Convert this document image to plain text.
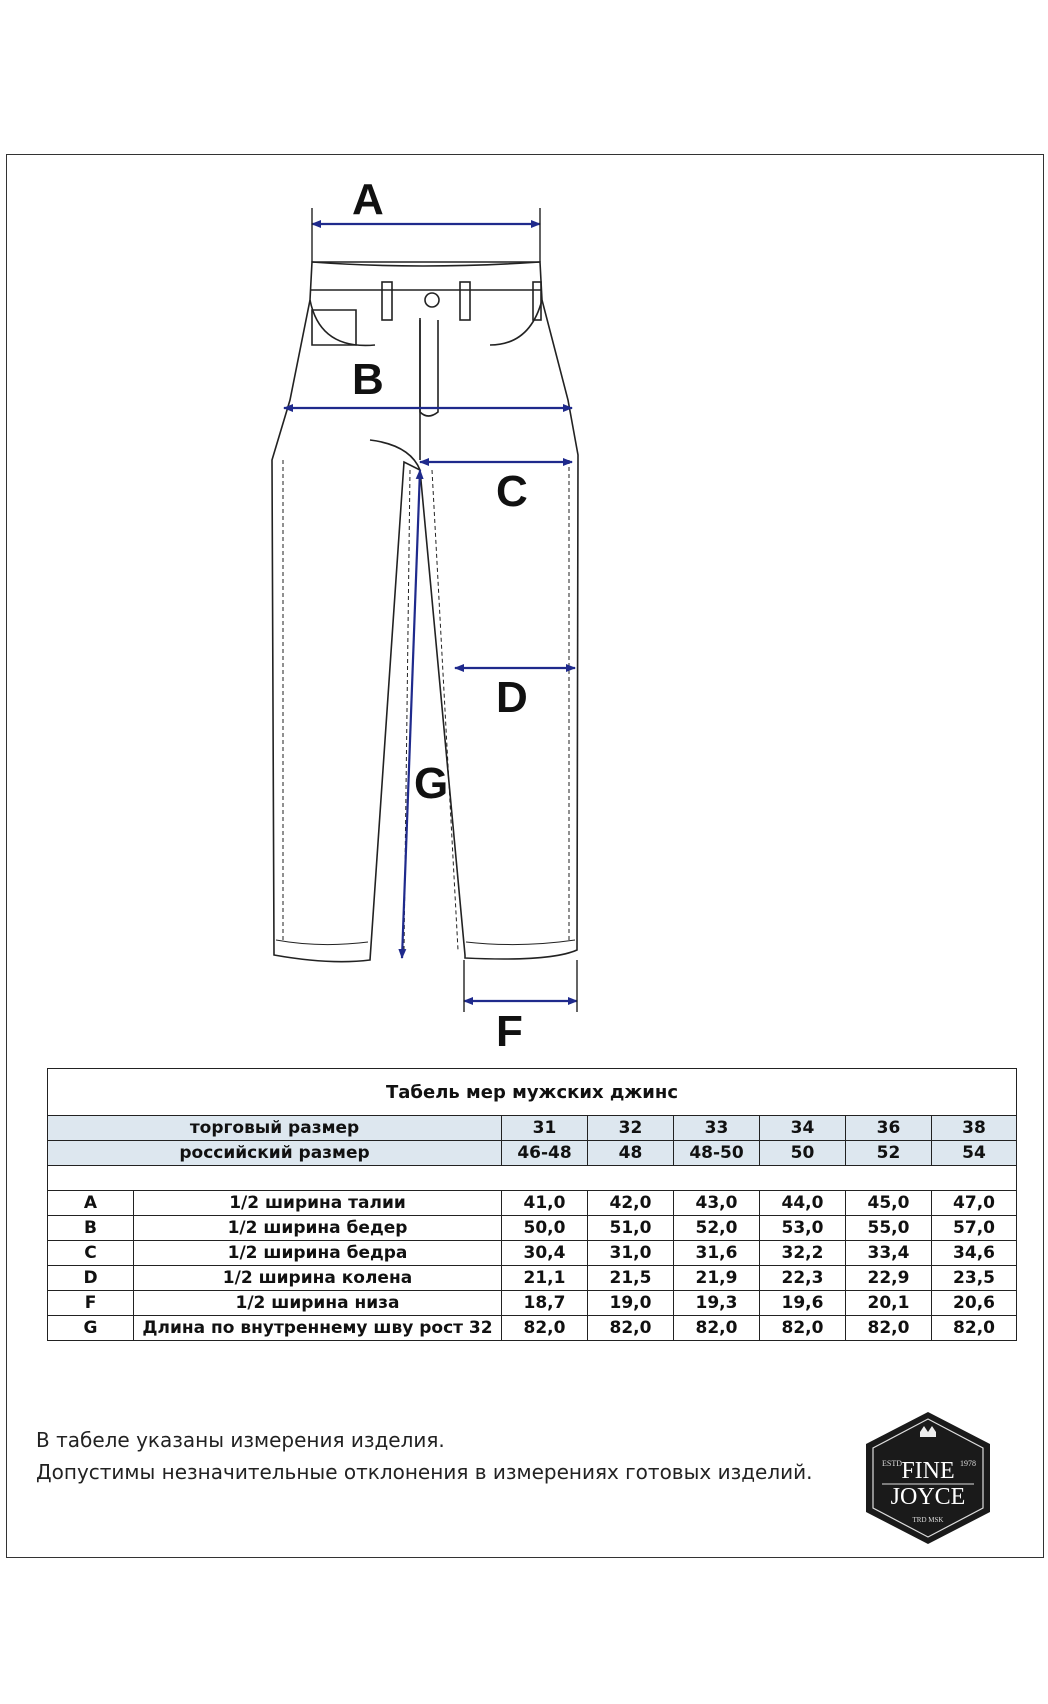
A
B
C
D
G
F
Табель мер мужских джинс							
торговый размер		31	32	33	34	36	38
российский размер		46-48	48	48-50	50	52	54

A	1/2 ширина талии	41,0	42,0	43,0	44,0	45,0	47,0
B	1/2 ширина бедер	50,0	51,0	52,0	53,0	55,0	57,0
C	1/2 ширина бедра	30,4	31,0	31,6	32,2	33,4	34,6
D	1/2 ширина колена	21,1	21,5	21,9	22,3	22,9	23,5
F	1/2 ширина низа	18,7	19,0	19,3	19,6	20,1	20,6
G	Длина по внутреннему шву рост 32	82,0	82,0	82,0	82,0	82,0	82,0
В табеле указаны измерения изделия.
Допустимы незначительные отклонения в измерениях готовых изделий.	FINE
JOYCE
ESTD	1978
TRD MSK
